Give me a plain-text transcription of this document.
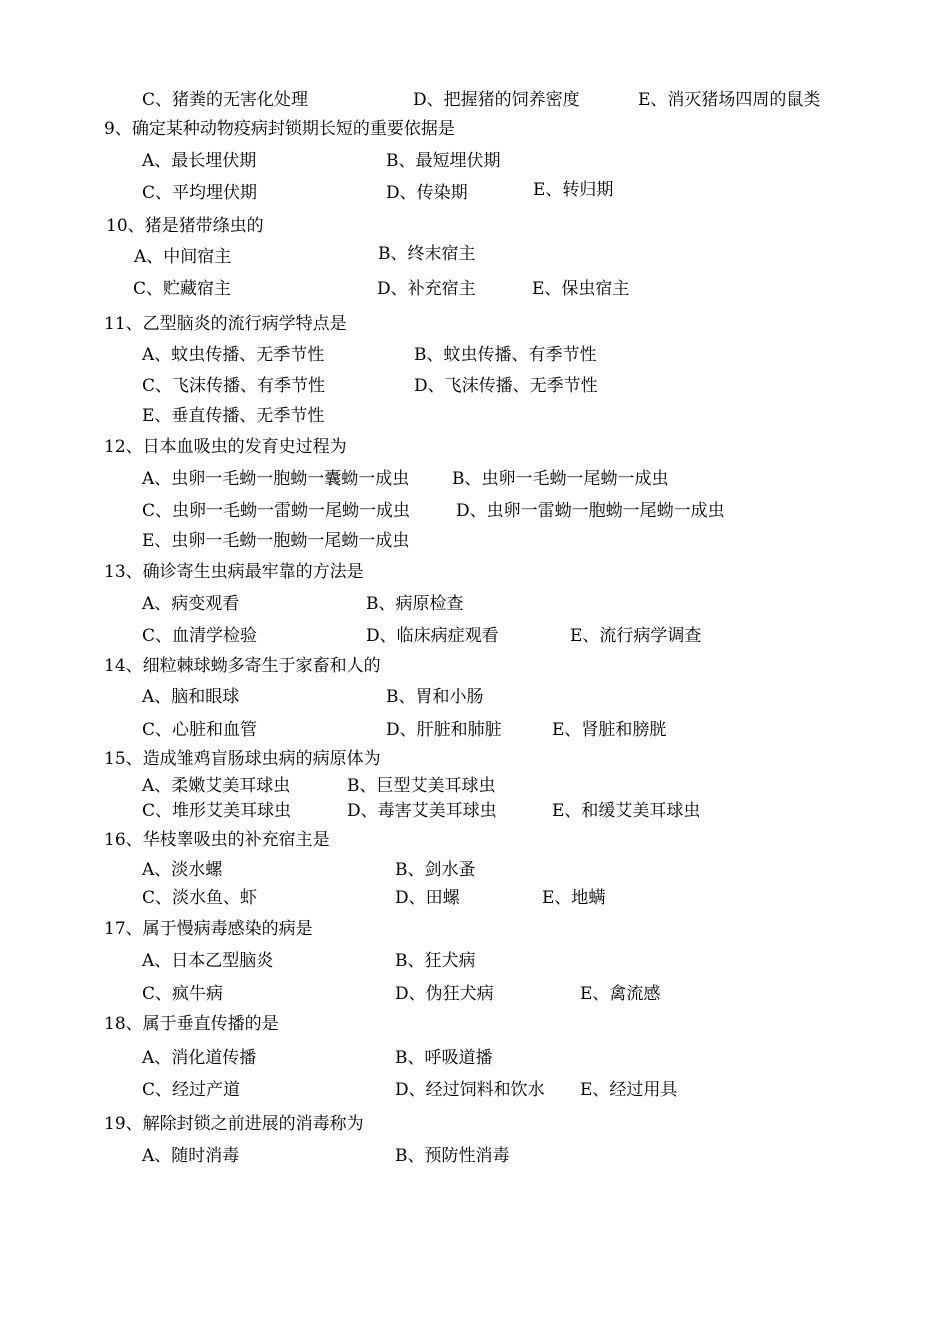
C、猪粪的无害化处理	D、把握猪的饲养密度	E、消灭猪场四周的鼠类
9、确定某种动物疫病封锁期长短的重要依据是
A、最长埋伏期	B、最短埋伏期
C、平均埋伏期	D、传染期	E、转归期
10、猪是猪带绦虫的
A、中间宿主	B、终末宿主
C、贮藏宿主	D、补充宿主	E、保虫宿主
11、乙型脑炎的流行病学特点是
A、蚊虫传播、无季节性	B、蚊虫传播、有季节性
C、飞沫传播、有季节性	D、飞沫传播、无季节性
E、垂直传播、无季节性
12、日本血吸虫的发育史过程为
A、虫卵一毛蚴一胞蚴一囊蚴一成虫	B、虫卵一毛蚴一尾蚴一成虫
C、虫卵一毛蚴一雷蚴一尾蚴一成虫	D、虫卵一雷蚴一胞蚴一尾蚴一成虫
E、虫卵一毛蚴一胞蚴一尾蚴一成虫
13、确诊寄生虫病最牢靠的方法是
A、病变观看	B、病原检查
C、血清学检验	D、临床病症观看	E、流行病学调查
14、细粒棘球蚴多寄生于家畜和人的
A、脑和眼球	B、胃和小肠
C、心脏和血管	D、肝脏和肺脏	E、肾脏和膀胱
15、造成雏鸡盲肠球虫病的病原体为
A、柔嫩艾美耳球虫	B、巨型艾美耳球虫
C、堆形艾美耳球虫	D、毒害艾美耳球虫	E、和缓艾美耳球虫
16、华枝睾吸虫的补充宿主是
A、淡水螺	B、剑水蚤
C、淡水鱼、虾	D、田螺	E、地螨
17、属于慢病毒感染的病是
A、日本乙型脑炎	B、狂犬病
C、疯牛病	D、伪狂犬病	E、禽流感
18、属于垂直传播的是
A、消化道传播	B、呼吸道播
C、经过产道	D、经过饲料和饮水 E、经过用具
19、解除封锁之前进展的消毒称为
A、随时消毒	B、预防性消毒
